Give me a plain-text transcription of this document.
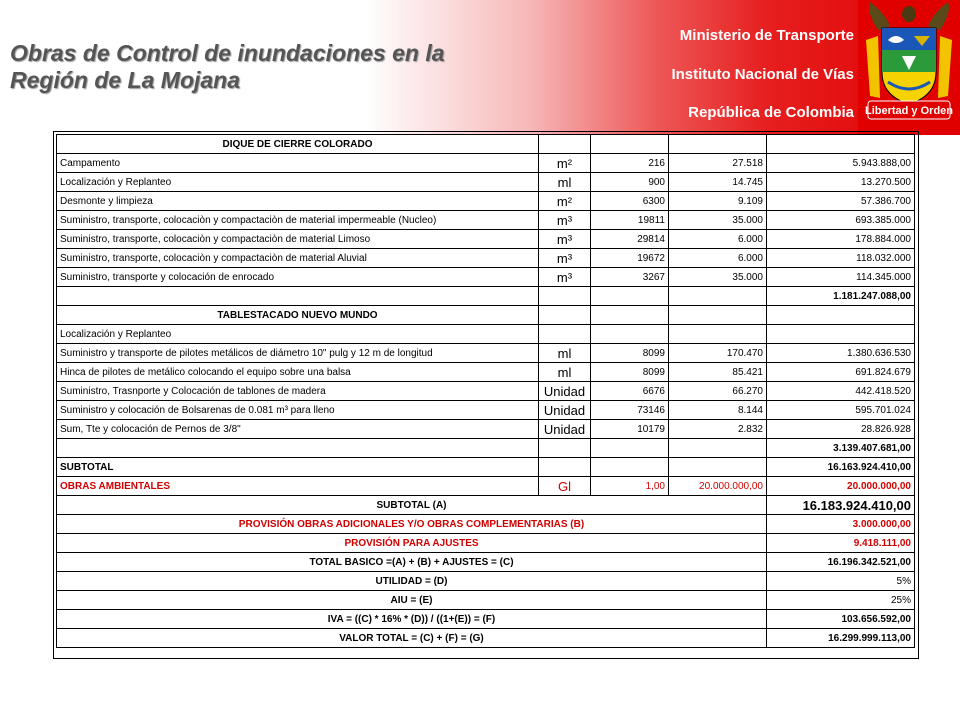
Obras de Control de inundaciones en la
Región de La Mojana
Ministerio de Transporte
Instituto Nacional de Vías
República de Colombia Libertad y Orden
DIQUE DE CIERRE COLORADO				
Campamento	m²	216	27.518	5.943.888,00
Localización y Replanteo	ml	900	14.745	13.270.500
Desmonte y limpieza	m²	6300	9.109	57.386.700
Suministro, transporte, colocaciòn y compactaciòn de material impermeable (Nucleo)	m³	19811	35.000	693.385.000
Suministro, transporte, colocaciòn y compactaciòn de material Limoso	m³	29814	6.000	178.884.000
Suministro, transporte, colocaciòn y compactaciòn de material Aluvial	m³	19672	6.000	118.032.000
Suministro, transporte y colocación de enrocado	m³	3267	35.000	114.345.000
				1.181.247.088,00
TABLESTACADO NUEVO MUNDO				
Localización y Replanteo				
Suministro y transporte de pilotes metálicos de diámetro 10" pulg y 12 m de longitud	ml	8099	170.470	1.380.636.530
Hinca de pilotes de metálico colocando el equipo sobre una balsa	ml	8099	85.421	691.824.679
Suministro, Trasnporte y Colocación de tablones de madera	Unidad	6676	66.270	442.418.520
Suministro y colocación de Bolsarenas de 0.081 m³ para lleno	Unidad	73146	8.144	595.701.024
Sum, Tte y colocación de Pernos de 3/8"	Unidad	10179	2.832	28.826.928
				3.139.407.681,00
SUBTOTAL				16.163.924.410,00
OBRAS AMBIENTALES	Gl	1,00	20.000.000,00	20.000.000,00
SUBTOTAL (A)				16.183.924.410,00
PROVISIÓN OBRAS ADICIONALES Y/O OBRAS COMPLEMENTARIAS (B)				3.000.000,00
PROVISIÓN PARA AJUSTES				9.418.111,00
TOTAL BASICO =(A) + (B) + AJUSTES = (C)				16.196.342.521,00
UTILIDAD = (D)				5%
AIU = (E)				25%
IVA = ((C) * 16% * (D)) / ((1+(E)) = (F)				103.656.592,00
VALOR TOTAL = (C) + (F) = (G)				16.299.999.113,00
